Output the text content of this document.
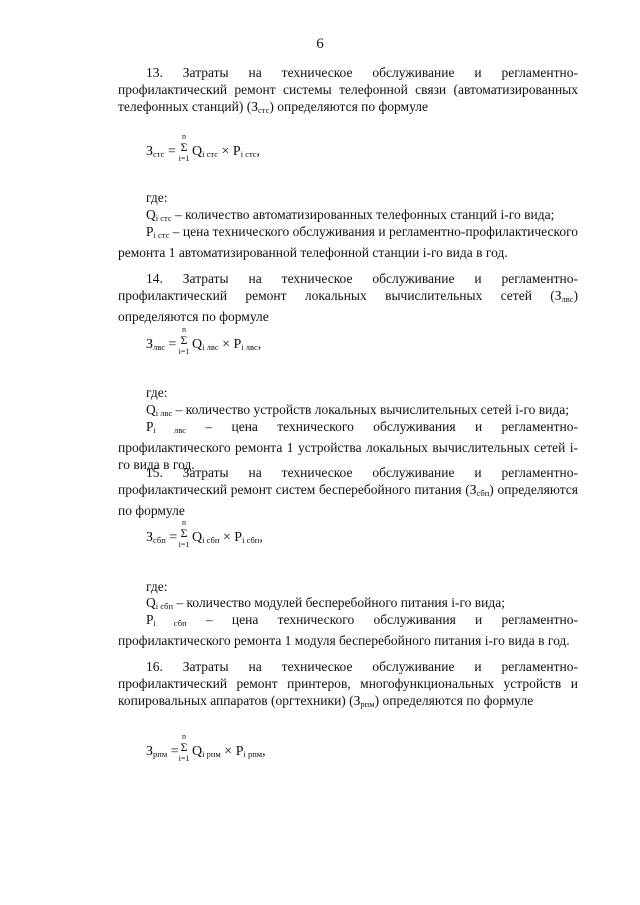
6

13. Затраты на техническое обслуживание и регламентно-профилактический ремонт системы телефонной связи (автоматизированных телефонных станций) $(З_{стс})$ определяются по формуле

$З_{стс}$ =
n
Σ
i=1 $Q_{i стс} \times P_{i стс}$,

где:

$Q_{i стс}$ – количество автоматизированных телефонных станций i-го вида;

$P_{i стс}$ – цена технического обслуживания и регламентно-профилактического ремонта 1 автоматизированной телефонной станции i-го вида в год.

14. Затраты на техническое обслуживание и регламентно-профилактический ремонт локальных вычислительных сетей $(З_{лвс})$ определяются по формуле

$З_{лвс}$ =
n
Σ
i=1 $Q_{i лвс} \times P_{i лвс}$,

где:

$Q_{i лвс}$ – количество устройств локальных вычислительных сетей i-го вида;

$P_{i лвс}$ – цена технического обслуживания и регламентно-профилактического ремонта 1 устройства локальных вычислительных сетей i-го вида в год.

15. Затраты на техническое обслуживание и регламентно-профилактический ремонт систем бесперебойного питания $(З_{сбп})$ определяются по формуле

$З_{сбп}$ =
n
Σ
i=1 $Q_{i сбп} \times P_{i сбп}$,

где:

$Q_{i сбп}$ – количество модулей бесперебойного питания i-го вида;

$P_{i сбп}$ – цена технического обслуживания и регламентно-профилактического ремонта 1 модуля бесперебойного питания i-го вида в год.

16. Затраты на техническое обслуживание и регламентно-профилактический ремонт принтеров, многофункциональных устройств и копировальных аппаратов (оргтехники) $(З_{рпм})$ определяются по формуле

$З_{рпм}$ =
n
Σ
i=1 $Q_{i рпм} \times P_{i рпм}$,
